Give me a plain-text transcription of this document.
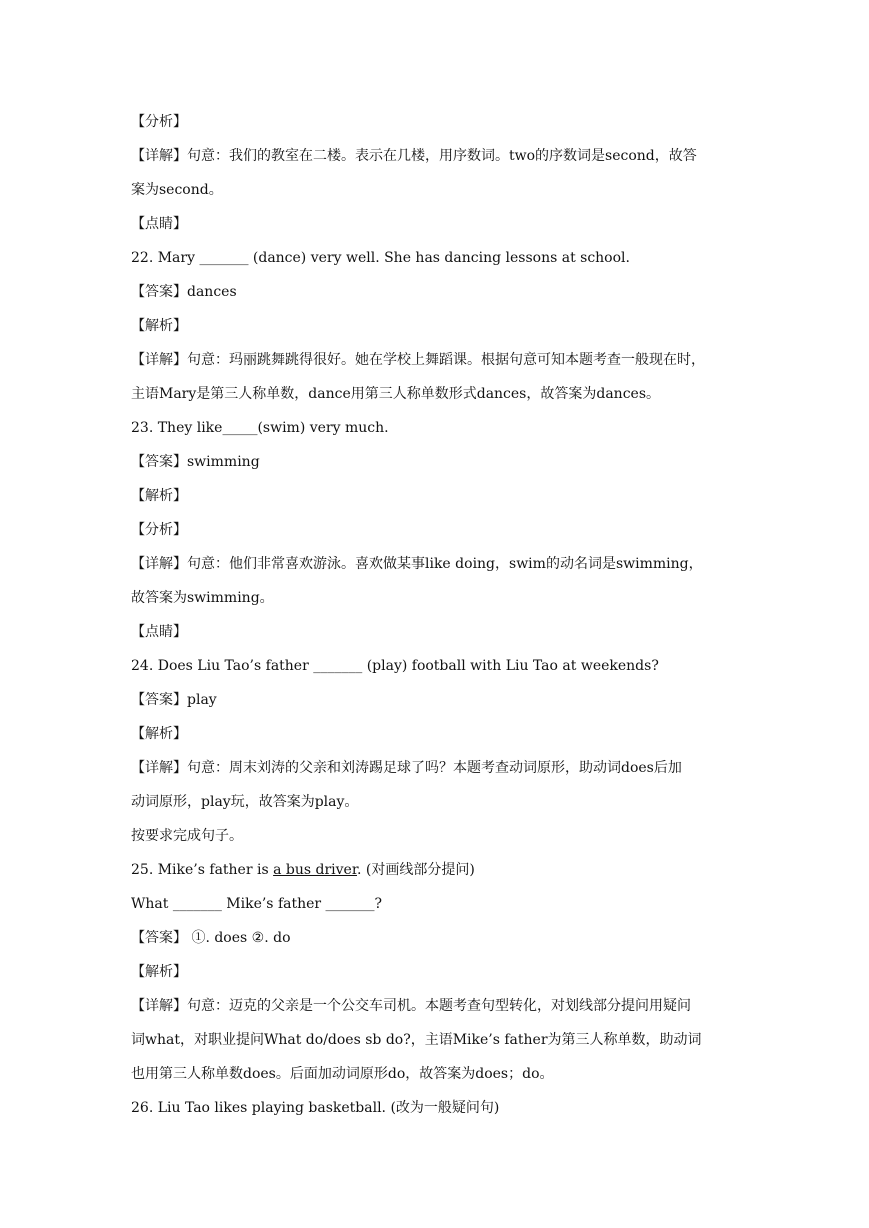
【分析】
【详解】句意：我们的教室在二楼。表示在几楼，用序数词。two的序数词是second，故答
案为second。
【点睛】
22. Mary _______ (dance) very well. She has dancing lessons at school.
【答案】dances
【解析】
【详解】句意：玛丽跳舞跳得很好。她在学校上舞蹈课。根据句意可知本题考查一般现在时，
主语Mary是第三人称单数，dance用第三人称单数形式dances，故答案为dances。
23. They like_____(swim) very much.
【答案】swimming
【解析】
【分析】
【详解】句意：他们非常喜欢游泳。喜欢做某事like doing，swim的动名词是swimming，
故答案为swimming。
【点睛】
24. Does Liu Tao’s father _______ (play) football with Liu Tao at weekends?
【答案】play
【解析】
【详解】句意：周末刘涛的父亲和刘涛踢足球了吗？本题考查动词原形，助动词does后加
动词原形，play玩，故答案为play。
按要求完成句子。
25. Mike’s father is a bus driver. (对画线部分提问)
What _______ Mike’s father _______?
【答案】 ①. does ②. do
【解析】
【详解】句意：迈克的父亲是一个公交车司机。本题考查句型转化，对划线部分提问用疑问
词what，对职业提问What do/does sb do?，主语Mike’s father为第三人称单数，助动词
也用第三人称单数does。后面加动词原形do，故答案为does；do。
26. Liu Tao likes playing basketball. (改为一般疑问句)
